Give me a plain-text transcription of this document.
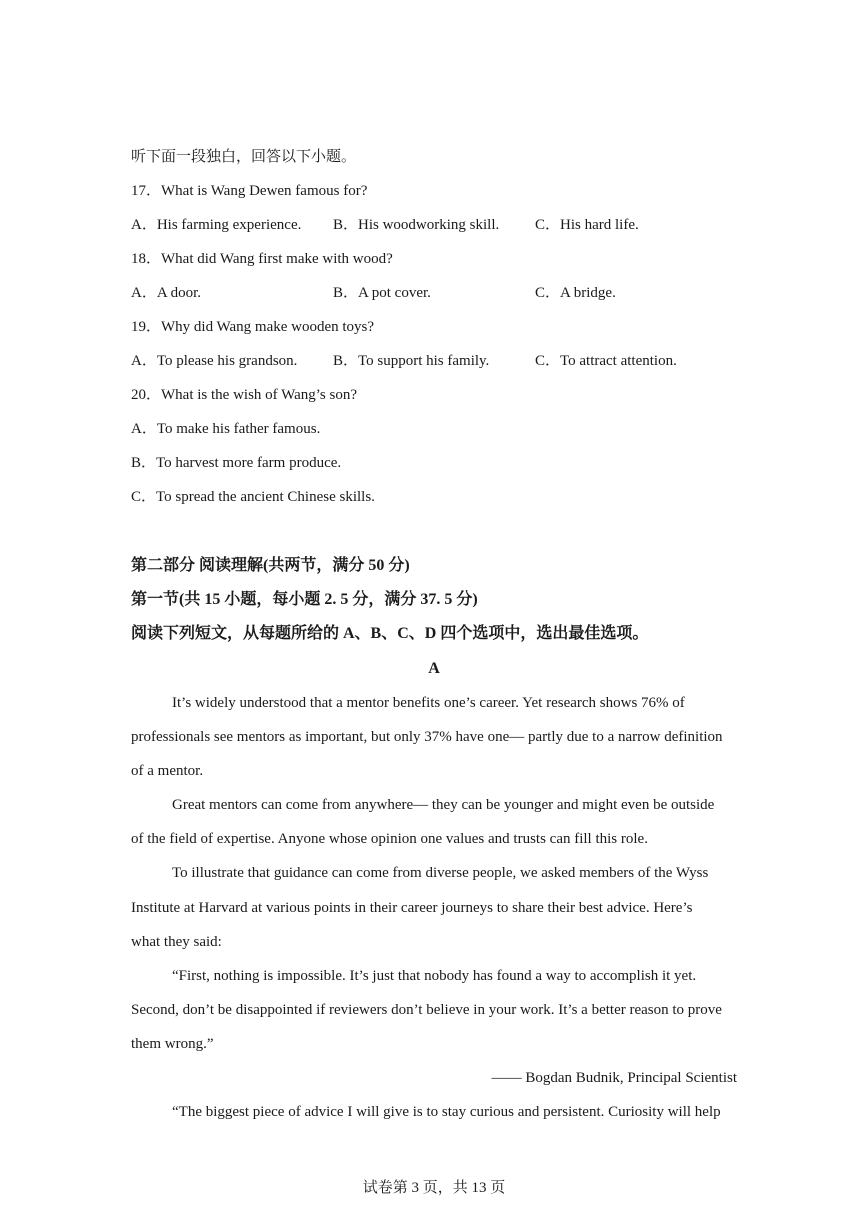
听下面一段独白，回答以下小题。
17．What is Wang Dewen famous for?
A．His farming experience. B．His woodworking skill. C．His hard life.
18．What did Wang first make with wood?
A．A door.	B．A pot cover.	C．A bridge.
19．Why did Wang make wooden toys?
A．To please his grandson. B．To support his family.	C．To attract attention.
20．What is the wish of Wang’s son?
A．To make his father famous.
B．To harvest more farm produce.
C．To spread the ancient Chinese skills.
第二部分 阅读理解(共两节，满分 50 分)
第一节(共 15 小题，每小题 2. 5 分，满分 37. 5 分)
阅读下列短文，从每题所给的 A、B、C、D 四个选项中，选出最佳选项。
A
It’s widely understood that a mentor benefits one’s career. Yet research shows 76% of
professionals see mentors as important, but only 37% have one— partly due to a narrow definition
of a mentor.
Great mentors can come from anywhere— they can be younger and might even be outside
of the field of expertise. Anyone whose opinion one values and trusts can fill this role.
To illustrate that guidance can come from diverse people, we asked members of the Wyss
Institute at Harvard at various points in their career journeys to share their best advice. Here’s
what they said:
“First, nothing is impossible. It’s just that nobody has found a way to accomplish it yet.
Second, don’t be disappointed if reviewers don’t believe in your work. It’s a better reason to prove
them wrong.”
—— Bogdan Budnik, Principal Scientist
“The biggest piece of advice I will give is to stay curious and persistent. Curiosity will help
试卷第 3 页，共 13 页
